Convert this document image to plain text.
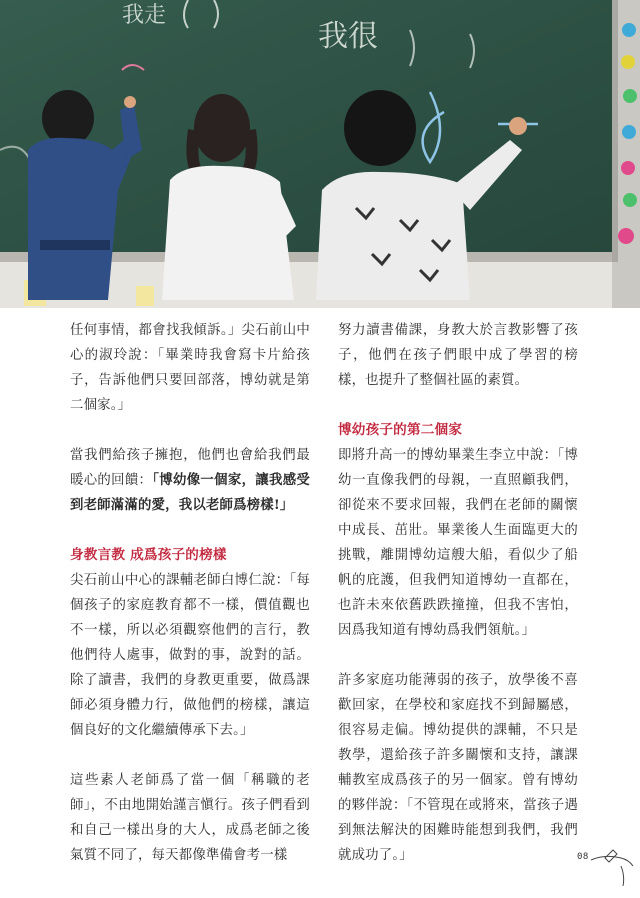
我走
我很

任何事情，都會找我傾訴。」尖石前山中心的淑玲說：「畢業時我會寫卡片給孩子，告訴他們只要回部落，博幼就是第二個家。」

當我們給孩子擁抱，他們也會給我們最暖心的回饋：「博幼像一個家，讓我感受到老師滿滿的愛，我以老師爲榜樣!」

身教言教 成爲孩子的榜樣

尖石前山中心的課輔老師白博仁說：「每個孩子的家庭教育都不一樣，價值觀也不一樣，所以必須觀察他們的言行，教他們待人處事，做對的事，說對的話。除了讀書，我們的身教更重要，做爲課師必須身體力行，做他們的榜樣，讓這個良好的文化繼續傳承下去。」

這些素人老師爲了當一個「稱職的老師」，不由地開始謹言愼行。孩子們看到和自己一樣出身的大人，成爲老師之後氣質不同了，每天都像準備會考一樣

努力讀書備課，身教大於言教影響了孩子，他們在孩子們眼中成了學習的榜樣，也提升了整個社區的素質。

博幼孩子的第二個家

即將升高一的博幼畢業生李立中說：「博幼一直像我們的母親，一直照顧我們，卻從來不要求回報，我們在老師的關懷中成長、茁壯。畢業後人生面臨更大的挑戰，離開博幼這艘大船，看似少了船帆的庇護，但我們知道博幼一直都在，也許未來依舊跌跌撞撞，但我不害怕，因爲我知道有博幼爲我們領航。」

許多家庭功能薄弱的孩子，放學後不喜歡回家，在學校和家庭找不到歸屬感，很容易走偏。博幼提供的課輔，不只是教學，還給孩子許多關懷和支持，讓課輔教室成爲孩子的另一個家。曾有博幼的夥伴說：「不管現在或將來，當孩子遇到無法解決的困難時能想到我們，我們就成功了。」	08
